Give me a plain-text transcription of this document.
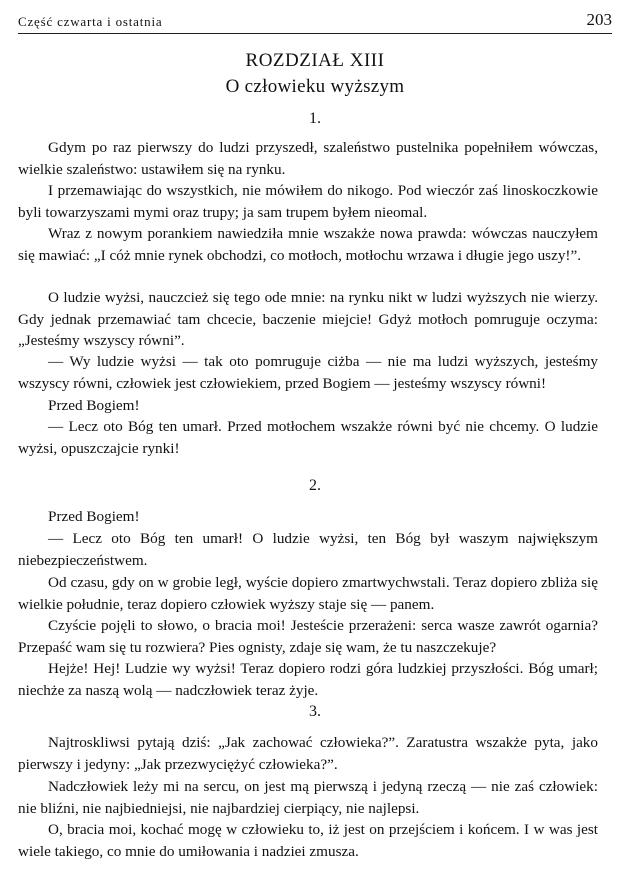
Część czwarta i ostatnia	203
ROZDZIAŁ XIII
O człowieku wyższym
1.

Gdym po raz pierwszy do ludzi przyszedł, szaleństwo pustelnika popełniłem wówczas, wielkie szaleństwo: ustawiłem się na rynku.

I przemawiając do wszystkich, nie mówiłem do nikogo. Pod wieczór zaś linoskoczkowie byli towarzyszami mymi oraz trupy; ja sam trupem byłem nieomal.

Wraz z nowym porankiem nawiedziła mnie wszakże nowa prawda: wówczas nauczyłem się mawiać: „I cóż mnie rynek obchodzi, co motłoch, motłochu wrzawa i długie jego uszy!”.

O ludzie wyżsi, nauczcież się tego ode mnie: na rynku nikt w ludzi wyższych nie wierzy. Gdy jednak przemawiać tam chcecie, baczenie miejcie! Gdyż motłoch pomruguje oczyma: „Jesteśmy wszyscy równi”.

— Wy ludzie wyżsi — tak oto pomruguje ciżba — nie ma ludzi wyższych, jesteśmy wszyscy równi, człowiek jest człowiekiem, przed Bogiem — jesteśmy wszyscy równi!

Przed Bogiem!

— Lecz oto Bóg ten umarł. Przed motłochem wszakże równi być nie chcemy. O ludzie wyżsi, opuszczajcie rynki!

2.

Przed Bogiem!

— Lecz oto Bóg ten umarł! O ludzie wyżsi, ten Bóg był waszym największym niebezpieczeństwem.

Od czasu, gdy on w grobie legł, wyście dopiero zmartwychwstali. Teraz dopiero zbliża się wielkie południe, teraz dopiero człowiek wyższy staje się — panem.

Czyście pojęli to słowo, o bracia moi! Jesteście przerażeni: serca wasze zawrót ogarnia? Przepaść wam się tu rozwiera? Pies ognisty, zdaje się wam, że tu naszczekuje?

Hejże! Hej! Ludzie wy wyżsi! Teraz dopiero rodzi góra ludzkiej przyszłości. Bóg umarł; niechże za naszą wolą — nadczłowiek teraz żyje.

3.

Najtroskliwsi pytają dziś: „Jak zachować człowieka?”. Zaratustra wszakże pyta, jako pierwszy i jedyny: „Jak przezwyciężyć człowieka?”.

Nadczłowiek leży mi na sercu, on jest mą pierwszą i jedyną rzeczą — nie zaś człowiek: nie bliźni, nie najbiedniejsi, nie najbardziej cierpiący, nie najlepsi.

O, bracia moi, kochać mogę w człowieku to, iż jest on przejściem i końcem. I w was jest wiele takiego, co mnie do umiłowania i nadziei zmusza.
